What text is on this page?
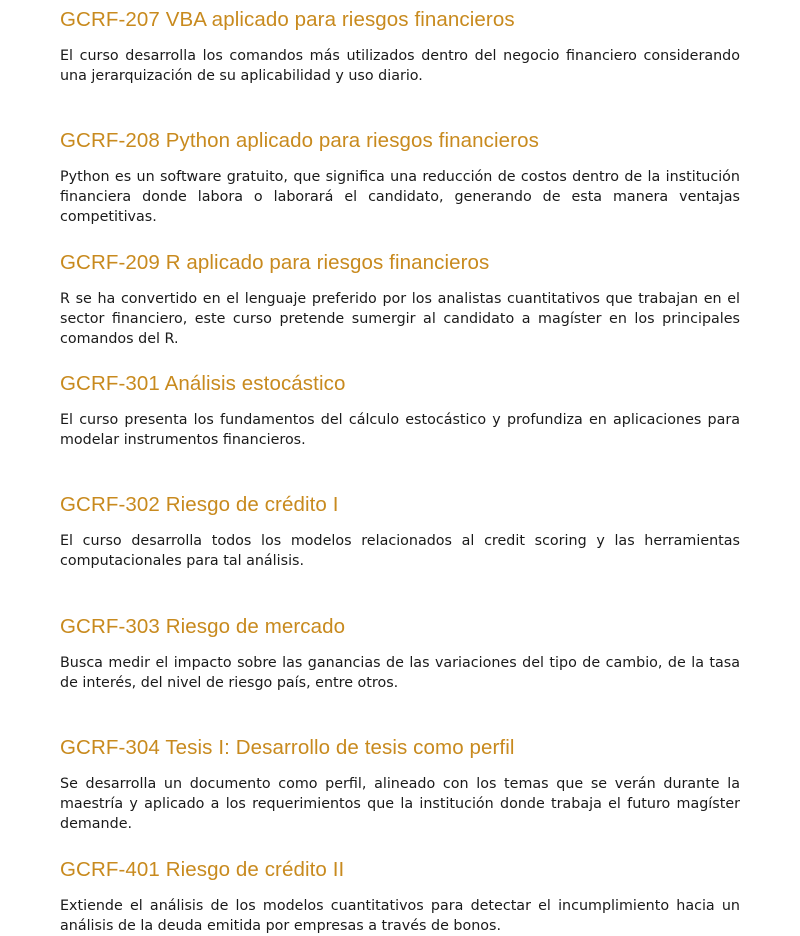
GCRF-207 VBA aplicado para riesgos financieros

El curso desarrolla los comandos más utilizados dentro del negocio financiero considerando una jerarquización de su aplicabilidad y uso diario.

GCRF-208 Python aplicado para riesgos financieros

Python es un software gratuito, que significa una reducción de costos dentro de la institución financiera donde labora o laborará el candidato, generando de esta manera ventajas competitivas.

GCRF-209 R aplicado para riesgos financieros

R se ha convertido en el lenguaje preferido por los analistas cuantitativos que trabajan en el sector financiero, este curso pretende sumergir al candidato a magíster en los principales comandos del R.

GCRF-301 Análisis estocástico

El curso presenta los fundamentos del cálculo estocástico y profundiza en aplicaciones para modelar instrumentos financieros.

GCRF-302 Riesgo de crédito I

El curso desarrolla todos los modelos relacionados al credit scoring y las herramientas computacionales para tal análisis.

GCRF-303 Riesgo de mercado

Busca medir el impacto sobre las ganancias de las variaciones del tipo de cambio, de la tasa de interés, del nivel de riesgo país, entre otros.

GCRF-304 Tesis I: Desarrollo de tesis como perfil

Se desarrolla un documento como perfil, alineado con los temas que se verán durante la maestría y aplicado a los requerimientos que la institución donde trabaja el futuro magíster demande.

GCRF-401 Riesgo de crédito II

Extiende el análisis de los modelos cuantitativos para detectar el incumplimiento hacia un análisis de la deuda emitida por empresas a través de bonos.
